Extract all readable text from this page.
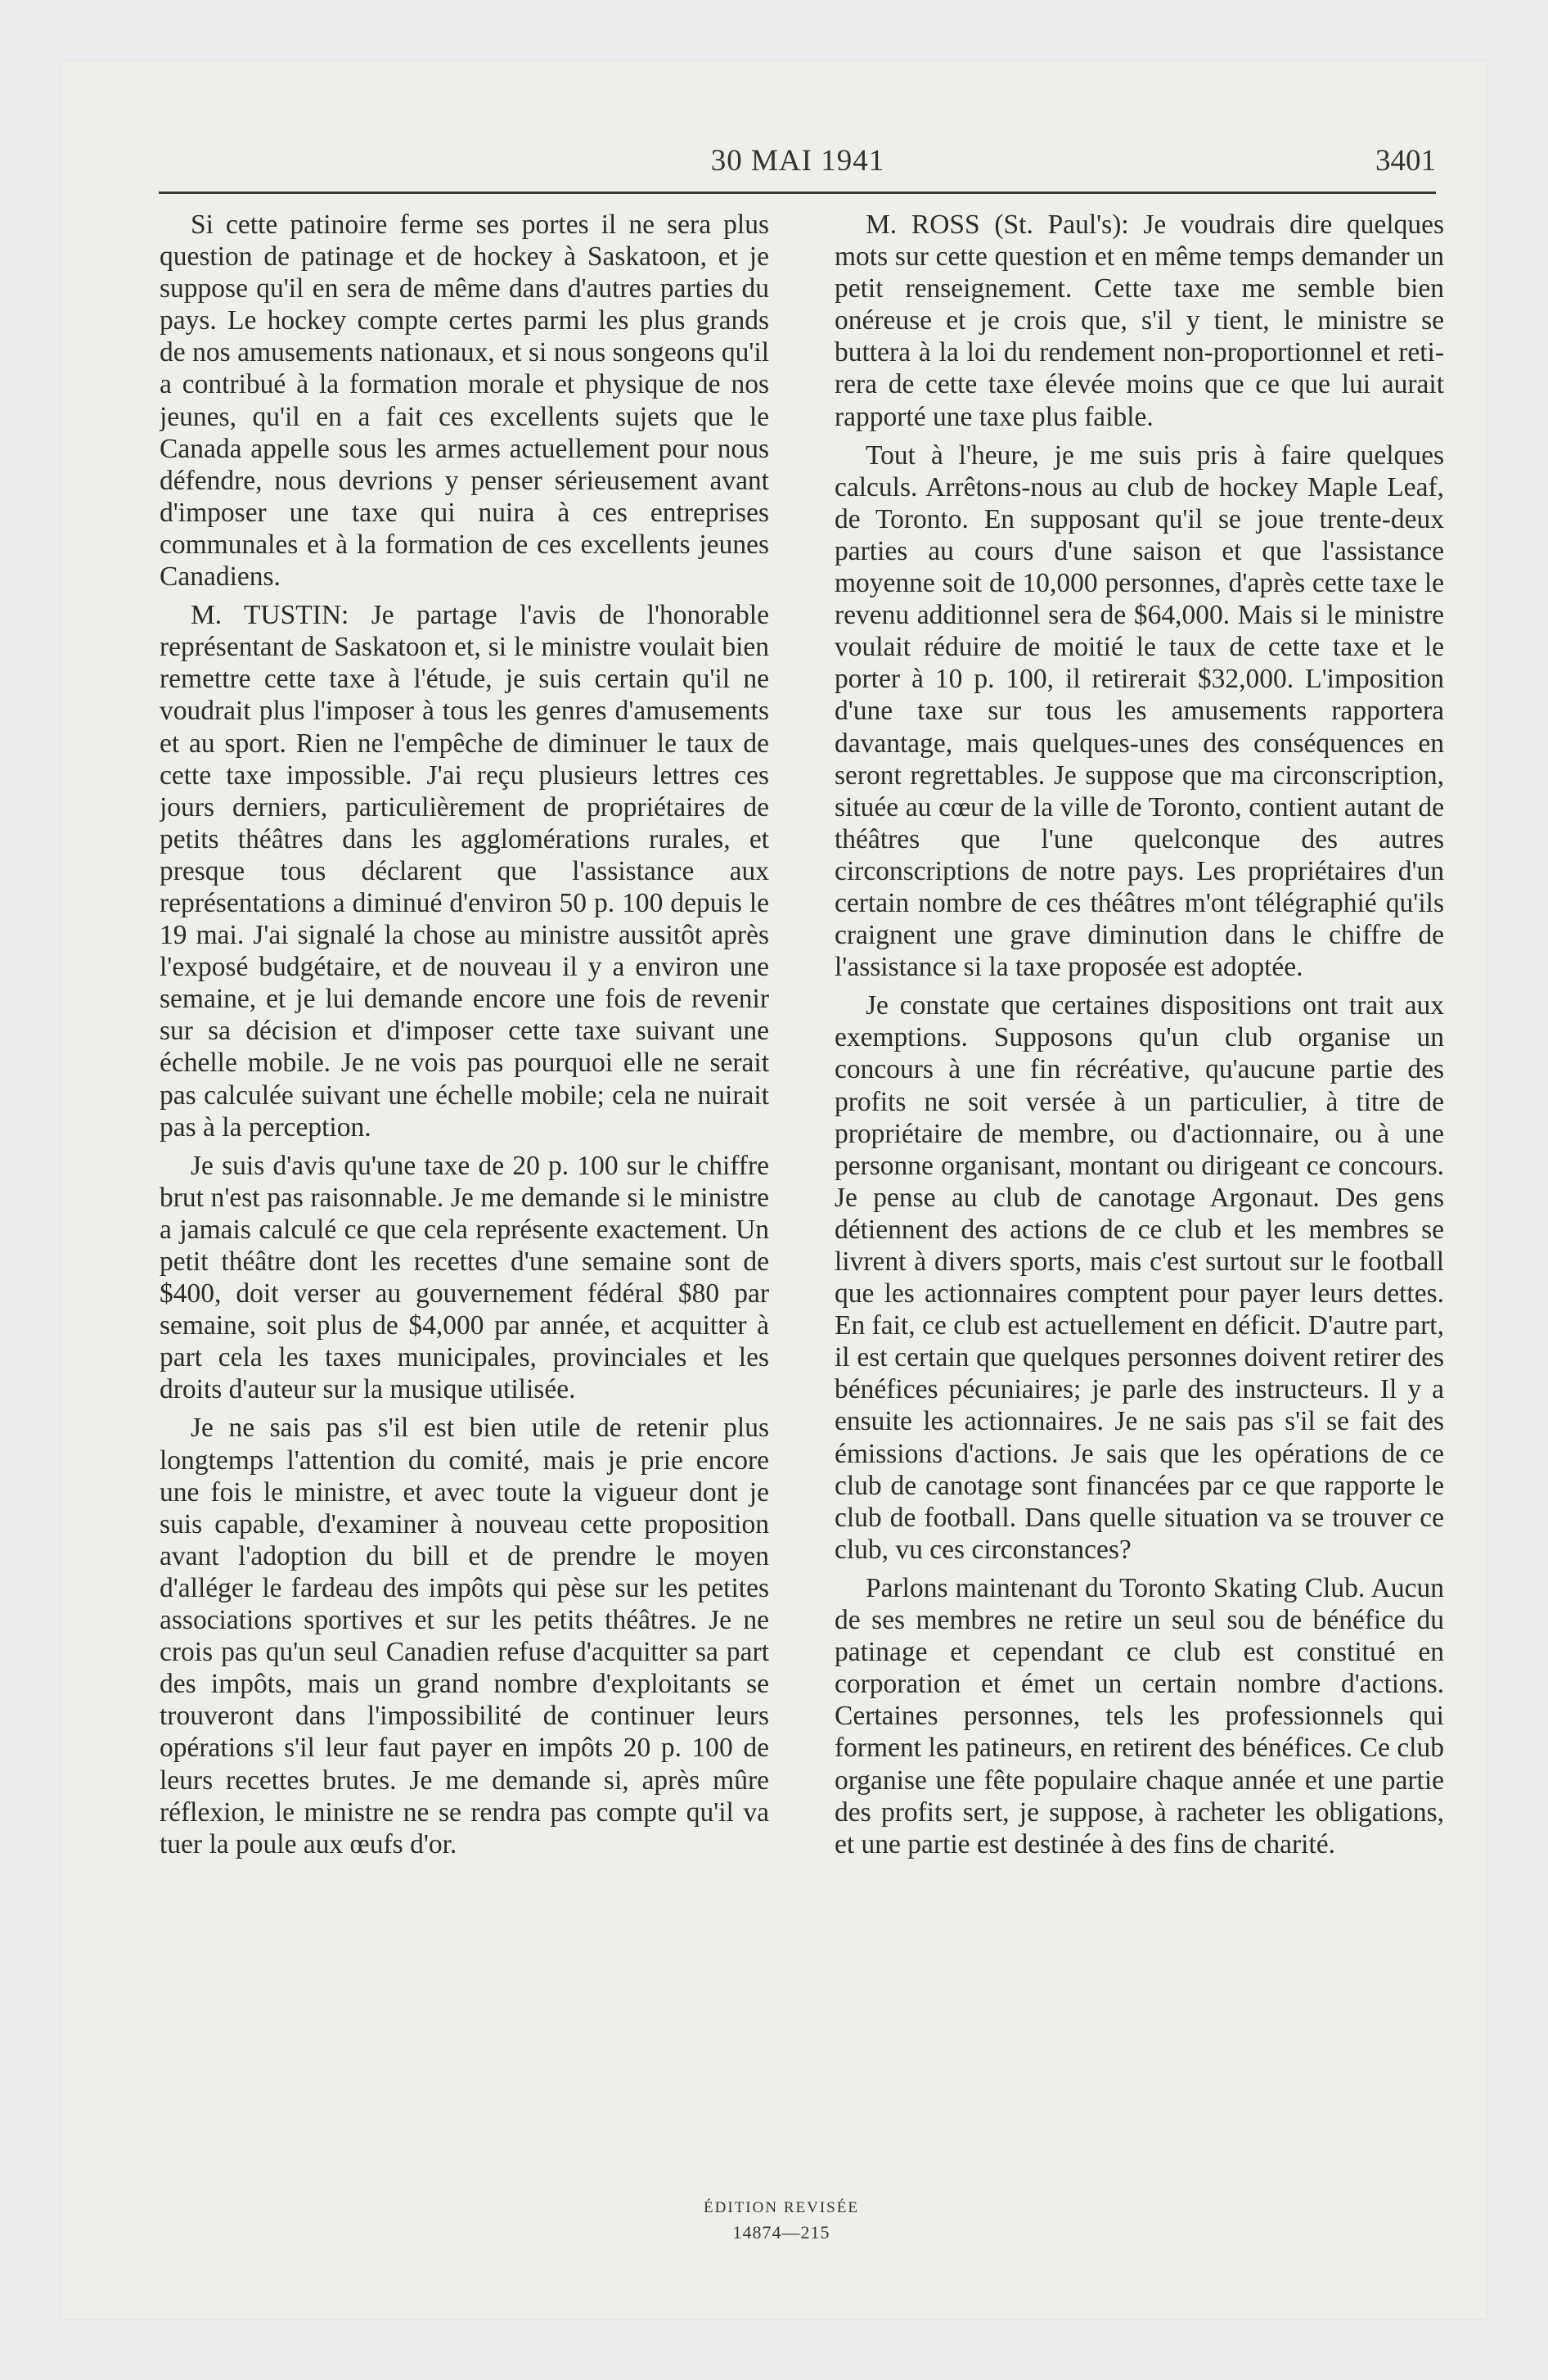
30 MAI 1941	3401

Si cette patinoire ferme ses portes il ne sera plus question de patinage et de hockey à Saskatoon, et je suppose qu'il en sera de même dans d'autres parties du pays. Le hockey compte certes parmi les plus grands de nos amusements nationaux, et si nous songeons qu'il a contribué à la formation morale et physique de nos jeunes, qu'il en a fait ces excellents sujets que le Canada appelle sous les armes actuellement pour nous défendre, nous devrions y penser sérieusement avant d'imposer une taxe qui nuira à ces entreprises communales et à la formation de ces excellents jeunes Canadiens.

M. TUSTIN: Je partage l'avis de l'honorable représentant de Saskatoon et, si le ministre voulait bien remettre cette taxe à l'étude, je suis certain qu'il ne voudrait plus l'imposer à tous les genres d'amusements et au sport. Rien ne l'empêche de diminuer le taux de cette taxe impossible. J'ai reçu plusieurs lettres ces jours derniers, particulièrement de propriétaires de petits théâtres dans les agglomérations rurales, et presque tous déclarent que l'assistance aux représentations a diminué d'environ 50 p. 100 depuis le 19 mai. J'ai signalé la chose au ministre aussitôt après l'exposé budgétaire, et de nouveau il y a environ une semaine, et je lui demande encore une fois de revenir sur sa décision et d'imposer cette taxe suivant une échelle mobile. Je ne vois pas pourquoi elle ne serait pas calculée suivant une échelle mobile; cela ne nuirait pas à la perception.

Je suis d'avis qu'une taxe de 20 p. 100 sur le chiffre brut n'est pas raisonnable. Je me demande si le ministre a jamais calculé ce que cela représente exactement. Un petit théâtre dont les recettes d'une semaine sont de $400, doit verser au gouvernement fédéral $80 par semaine, soit plus de $4,000 par année, et acquitter à part cela les taxes municipales, provinciales et les droits d'auteur sur la musique utilisée.

Je ne sais pas s'il est bien utile de retenir plus longtemps l'attention du comité, mais je prie encore une fois le ministre, et avec toute la vigueur dont je suis capable, d'examiner à nouveau cette proposition avant l'adoption du bill et de prendre le moyen d'alléger le fardeau des impôts qui pèse sur les petites associations sportives et sur les petits théâtres. Je ne crois pas qu'un seul Canadien refuse d'acquitter sa part des impôts, mais un grand nombre d'exploitants se trouveront dans l'impossibilité de continuer leurs opérations s'il leur faut payer en impôts 20 p. 100 de leurs recettes brutes. Je me demande si, après mûre réflexion, le ministre ne se rendra pas compte qu'il va tuer la poule aux œufs d'or.

M. ROSS (St. Paul's): Je voudrais dire quelques mots sur cette question et en même temps demander un petit renseignement. Cette taxe me semble bien onéreuse et je crois que, s'il y tient, le ministre se buttera à la loi du rendement non-proportionnel et retirera de cette taxe élevée moins que ce que lui aurait rapporté une taxe plus faible.

Tout à l'heure, je me suis pris à faire quelques calculs. Arrêtons-nous au club de hockey Maple Leaf, de Toronto. En supposant qu'il se joue trente-deux parties au cours d'une saison et que l'assistance moyenne soit de 10,000 personnes, d'après cette taxe le revenu additionnel sera de $64,000. Mais si le ministre voulait réduire de moitié le taux de cette taxe et le porter à 10 p. 100, il retirerait $32,000. L'imposition d'une taxe sur tous les amusements rapportera davantage, mais quelques-unes des conséquences en seront regrettables. Je suppose que ma circonscription, située au cœur de la ville de Toronto, contient autant de théâtres que l'une quelconque des autres circonscriptions de notre pays. Les propriétaires d'un certain nombre de ces théâtres m'ont télégraphié qu'ils craignent une grave diminution dans le chiffre de l'assistance si la taxe proposée est adoptée.

Je constate que certaines dispositions ont trait aux exemptions. Supposons qu'un club organise un concours à une fin récréative, qu'aucune partie des profits ne soit versée à un particulier, à titre de propriétaire de membre, ou d'actionnaire, ou à une personne organisant, montant ou dirigeant ce concours. Je pense au club de canotage Argonaut. Des gens détiennent des actions de ce club et les membres se livrent à divers sports, mais c'est surtout sur le football que les actionnaires comptent pour payer leurs dettes. En fait, ce club est actuellement en déficit. D'autre part, il est certain que quelques personnes doivent retirer des bénéfices pécuniaires; je parle des instructeurs. Il y a ensuite les actionnaires. Je ne sais pas s'il se fait des émissions d'actions. Je sais que les opérations de ce club de canotage sont financées par ce que rapporte le club de football. Dans quelle situation va se trouver ce club, vu ces circonstances?

Parlons maintenant du Toronto Skating Club. Aucun de ses membres ne retire un seul sou de bénéfice du patinage et cependant ce club est constitué en corporation et émet un certain nombre d'actions. Certaines personnes, tels les professionnels qui forment les patineurs, en retirent des bénéfices. Ce club organise une fête populaire chaque année et une partie des profits sert, je suppose, à racheter les obligations, et une partie est destinée à des fins de charité.

ÉDITION REVISÉE
14874—215
